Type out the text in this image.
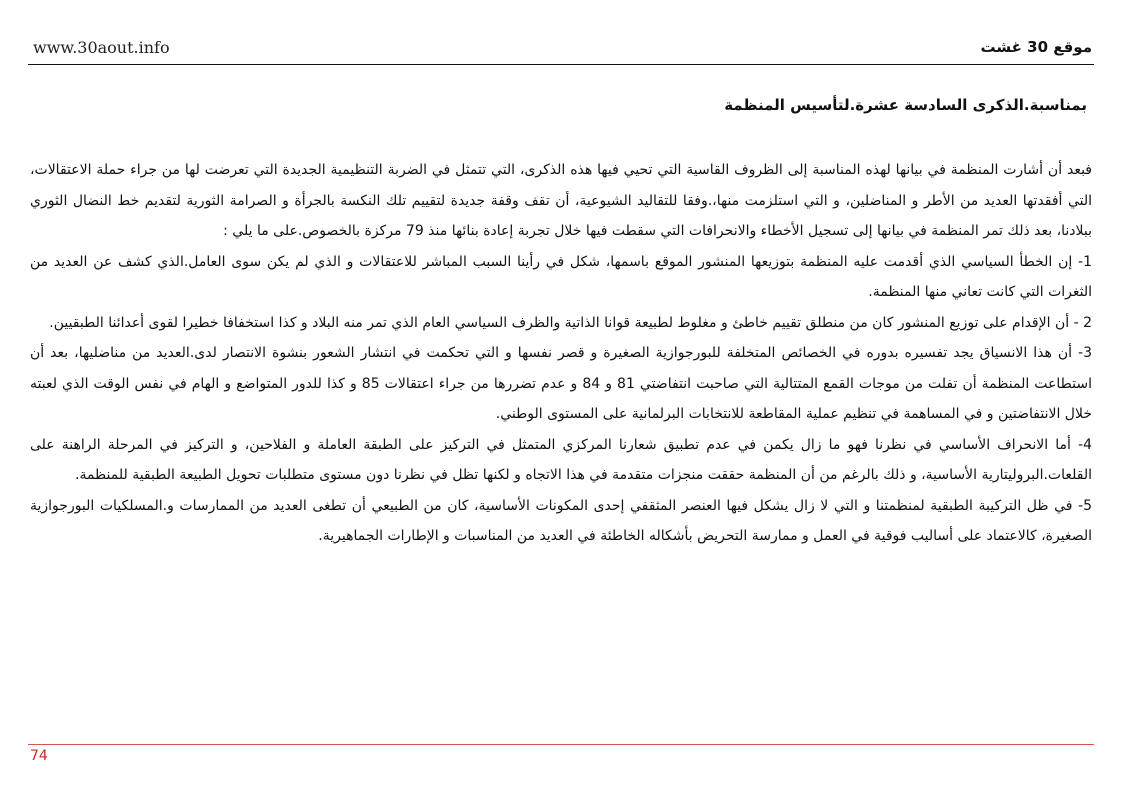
www.30aout.info	موقع 30 غشت
بمناسبة.الذكرى السادسة عشرة.لتأسيس المنظمة

فبعد أن أشارت المنظمة في بيانها لهذه المناسبة إلى الظروف القاسية التي تحيي فيها هذه الذكرى، التي تتمثل في الضربة التنظيمية الجديدة التي تعرضت لها من جراء حملة الاعتقالات، التي أفقدتها العديد من الأطر و المناضلين، و التي استلزمت منها،.وفقا للتقاليد الشيوعية، أن تقف وقفة جديدة لتقييم تلك النكسة بالجرأة و الصرامة الثورية لتقديم خط النضال الثوري ببلادنا، بعد ذلك تمر المنظمة في بيانها إلى تسجيل الأخطاء والانحرافات التي سقطت فيها خلال تجربة إعادة بنائها منذ 79 مركزة بالخصوص.على ما يلي :

1- إن الخطأ السياسي الذي أقدمت عليه المنظمة بتوزيعها المنشور الموقع باسمها، شكل في رأينا السبب المباشر للاعتقالات و الذي لم يكن سوى العامل.الذي كشف عن العديد من الثغرات التي كانت تعاني منها المنظمة.

2 - أن الإقدام على توزيع المنشور كان من منطلق تقييم خاطئ و مغلوط لطبيعة قوانا الذاتية والظرف السياسي العام الذي تمر منه البلاد و كذا استخفافا خطيرا لقوى أعدائنا الطبقيين.

3- أن هذا الانسياق يجد تفسيره بدوره في الخصائص المتخلفة للبورجوازية الصغيرة و قصر نفسها و التي تحكمت في انتشار الشعور بنشوة الانتصار لدى.العديد من مناضليها، بعد أن استطاعت المنظمة أن تفلت من موجات القمع المتتالية التي صاحبت انتفاضتي 81 و 84 و عدم تضررها من جراء اعتقالات 85 و كذا للدور المتواضع و الهام في نفس الوقت الذي لعبته خلال الانتفاضتين و في المساهمة في تنظيم عملية المقاطعة للانتخابات البرلمانية على المستوى الوطني.

4- أما الانحراف الأساسي في نظرنا فهو ما زال يكمن في عدم تطبيق شعارنا المركزي المتمثل في التركيز على الطبقة العاملة و الفلاحين، و التركيز في المرحلة الراهنة على القلعات.البروليتارية الأساسية، و ذلك بالرغم من أن المنظمة حققت منجزات متقدمة في هذا الاتجاه و لكنها تظل في نظرنا دون مستوى متطلبات تحويل الطبيعة الطبقية للمنظمة.

5- في ظل التركيبة الطبقية لمنظمتنا و التي لا زال يشكل فيها العنصر المثقفي إحدى المكونات الأساسية، كان من الطبيعي أن تطغى العديد من الممارسات و.المسلكيات البورجوازية الصغيرة، كالاعتماد على أساليب فوقية في العمل و ممارسة التحريض بأشكاله الخاطئة في العديد من المناسبات و الإطارات الجماهيرية.

74
